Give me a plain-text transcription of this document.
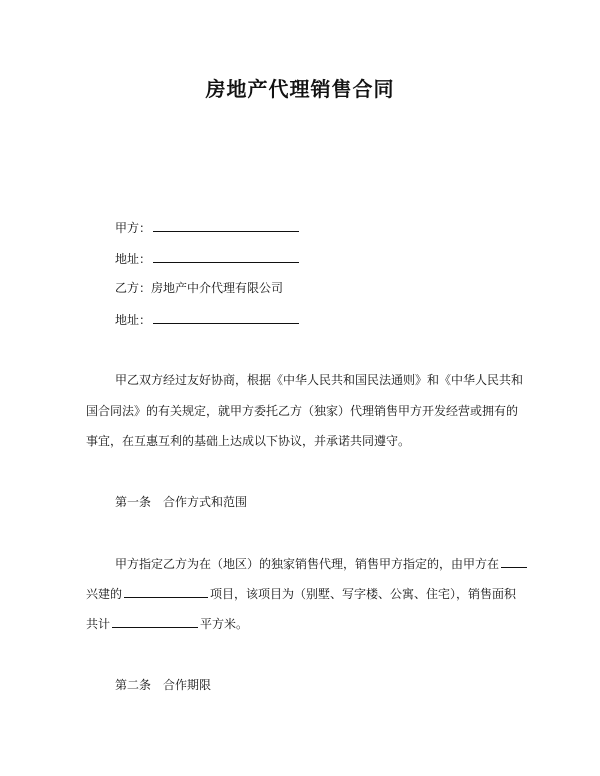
房地产代理销售合同
甲方：
地址：
乙方：房地产中介代理有限公司
地址：
甲乙双方经过友好协商，根据《中华人民共和国民法通则》和《中华人民共和
国合同法》的有关规定，就甲方委托乙方（独家）代理销售甲方开发经营或拥有的
事宜，在互惠互利的基础上达成以下协议，并承诺共同遵守。
第一条　合作方式和范围
甲方指定乙方为在（地区）的独家销售代理，销售甲方指定的，由甲方在
兴建的	项目，该项目为（别墅、写字楼、公寓、住宅），销售面积
共计	平方米。
第二条　合作期限
